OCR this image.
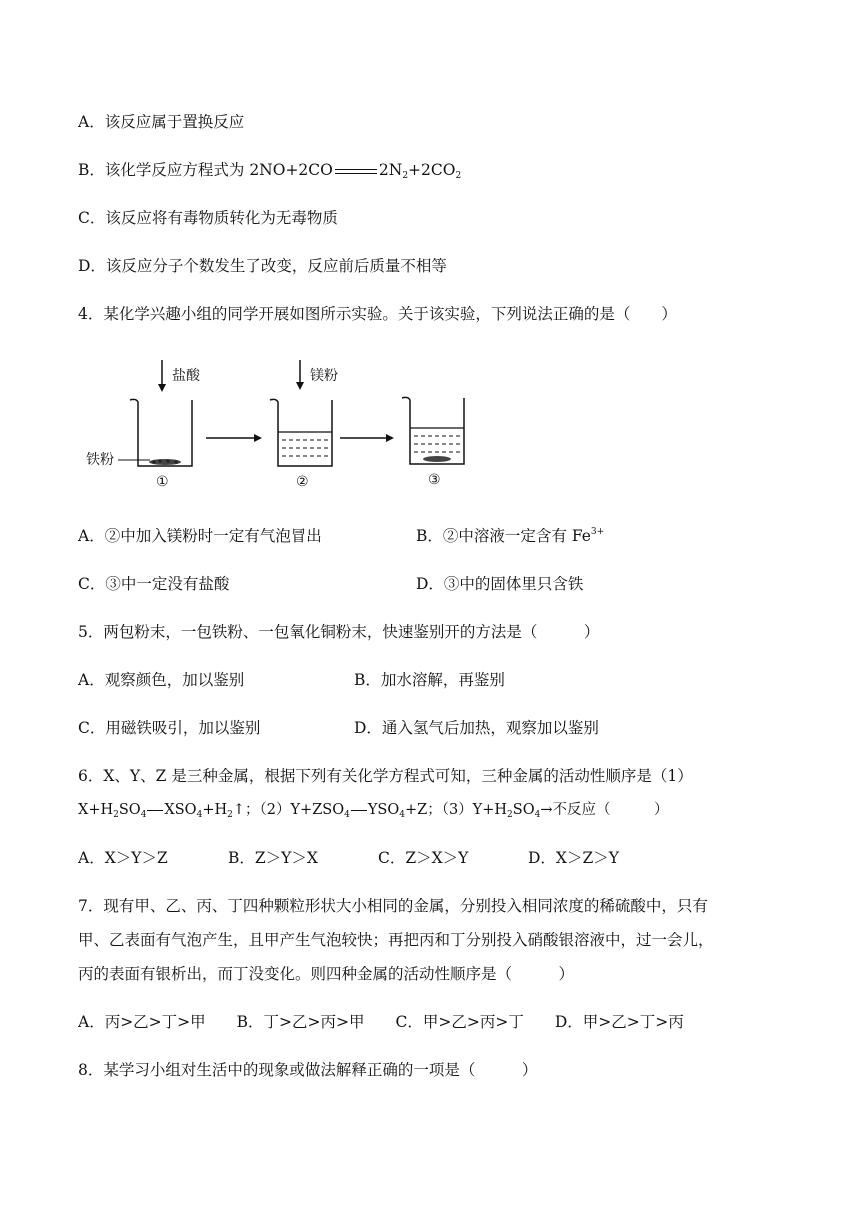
A．该反应属于置换反应
B．该化学反应方程式为 2NO+2CO	$2N_2+2CO_2$
C．该反应将有毒物质转化为无毒物质
D．该反应分子个数发生了改变，反应前后质量不相等
4．某化学兴趣小组的同学开展如图所示实验。关于该实验，下列说法正确的是（　　）
盐酸	镁粉
铁粉
①	②	③
A．②中加入镁粉时一定有气泡冒出	B．②中溶液一定含有 $Fe^{3+}$
C．③中一定没有盐酸	D．③中的固体里只含铁
5．两包粉末，一包铁粉、一包氧化铜粉末，快速鉴别开的方法是（　　　）
A．观察颜色，加以鉴别	B．加水溶解，再鉴别
C．用磁铁吸引，加以鉴别	D．通入氢气后加热，观察加以鉴别
6．X、Y、Z 是三种金属，根据下列有关化学方程式可知，三种金属的活动性顺序是（1）
$X+H_2SO_4$ $XSO_4+H_2↑$；$(2)Y+ZSO_4$ $YSO_4+Z$；$(3)Y+H_2SO_4\to$不反应（　　　）
A．X＞Y＞Z	B．Z＞Y＞X	C．Z＞X＞Y	D．X＞Z＞Y
7．现有甲、乙、丙、丁四种颗粒形状大小相同的金属，分别投入相同浓度的稀硫酸中，只有
甲、乙表面有气泡产生，且甲产生气泡较快；再把丙和丁分别投入硝酸银溶液中，过一会儿，
丙的表面有银析出，而丁没变化。则四种金属的活动性顺序是（　　　）
A．丙>乙>丁>甲　　B．丁>乙>丙>甲　　C．甲>乙>丙>丁　　D．甲>乙>丁>丙
8．某学习小组对生活中的现象或做法解释正确的一项是（　　　）
